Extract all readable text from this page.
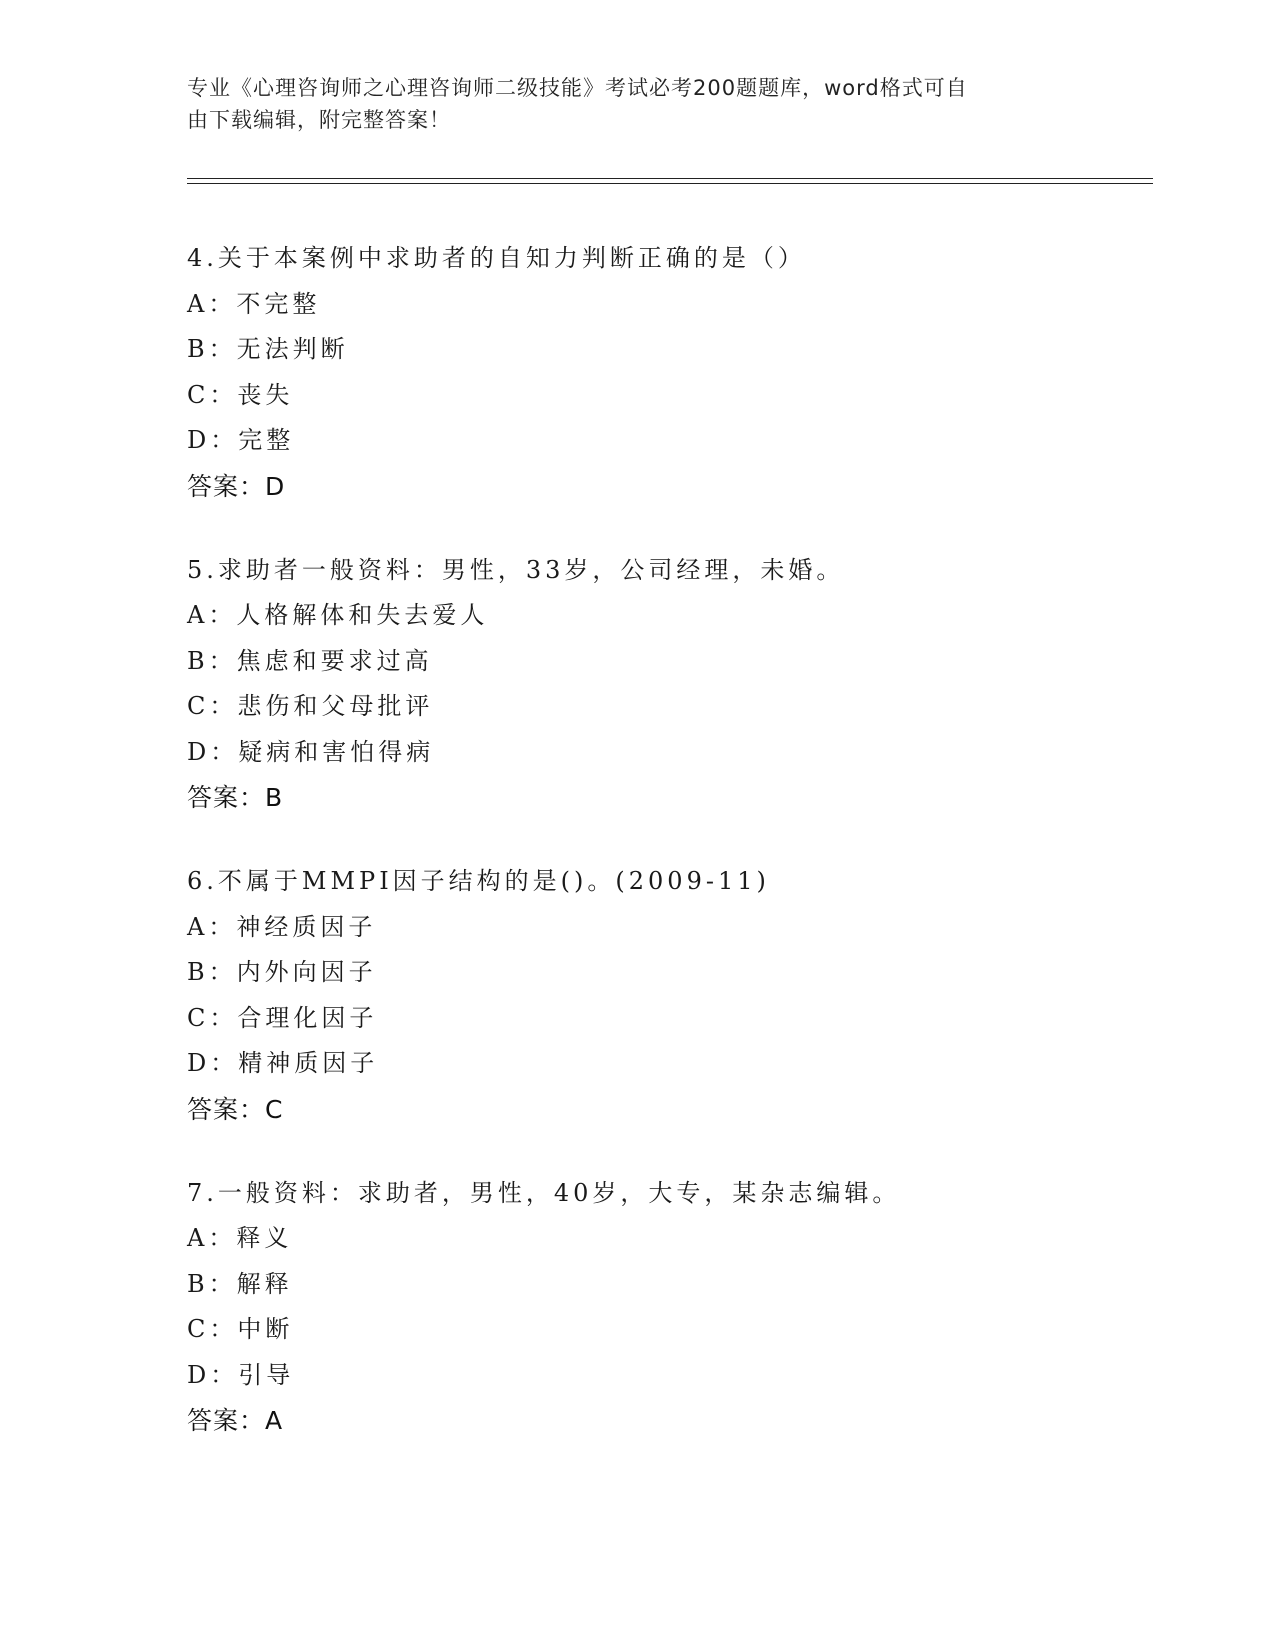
专业《心理咨询师之心理咨询师二级技能》考试必考200题题库，word格式可自
由下载编辑，附完整答案！
4.关于本案例中求助者的自知力判断正确的是（）
A：不完整
B：无法判断
C：丧失
D：完整
答案：D
5.求助者一般资料：男性，33岁，公司经理，未婚。
A：人格解体和失去爱人
B：焦虑和要求过高
C：悲伤和父母批评
D：疑病和害怕得病
答案：B
6.不属于MMPI因子结构的是()。(2009-11)
A：神经质因子
B：内外向因子
C：合理化因子
D：精神质因子
答案：C
7.一般资料：求助者，男性，40岁，大专，某杂志编辑。
A：释义
B：解释
C：中断
D：引导
答案：A
